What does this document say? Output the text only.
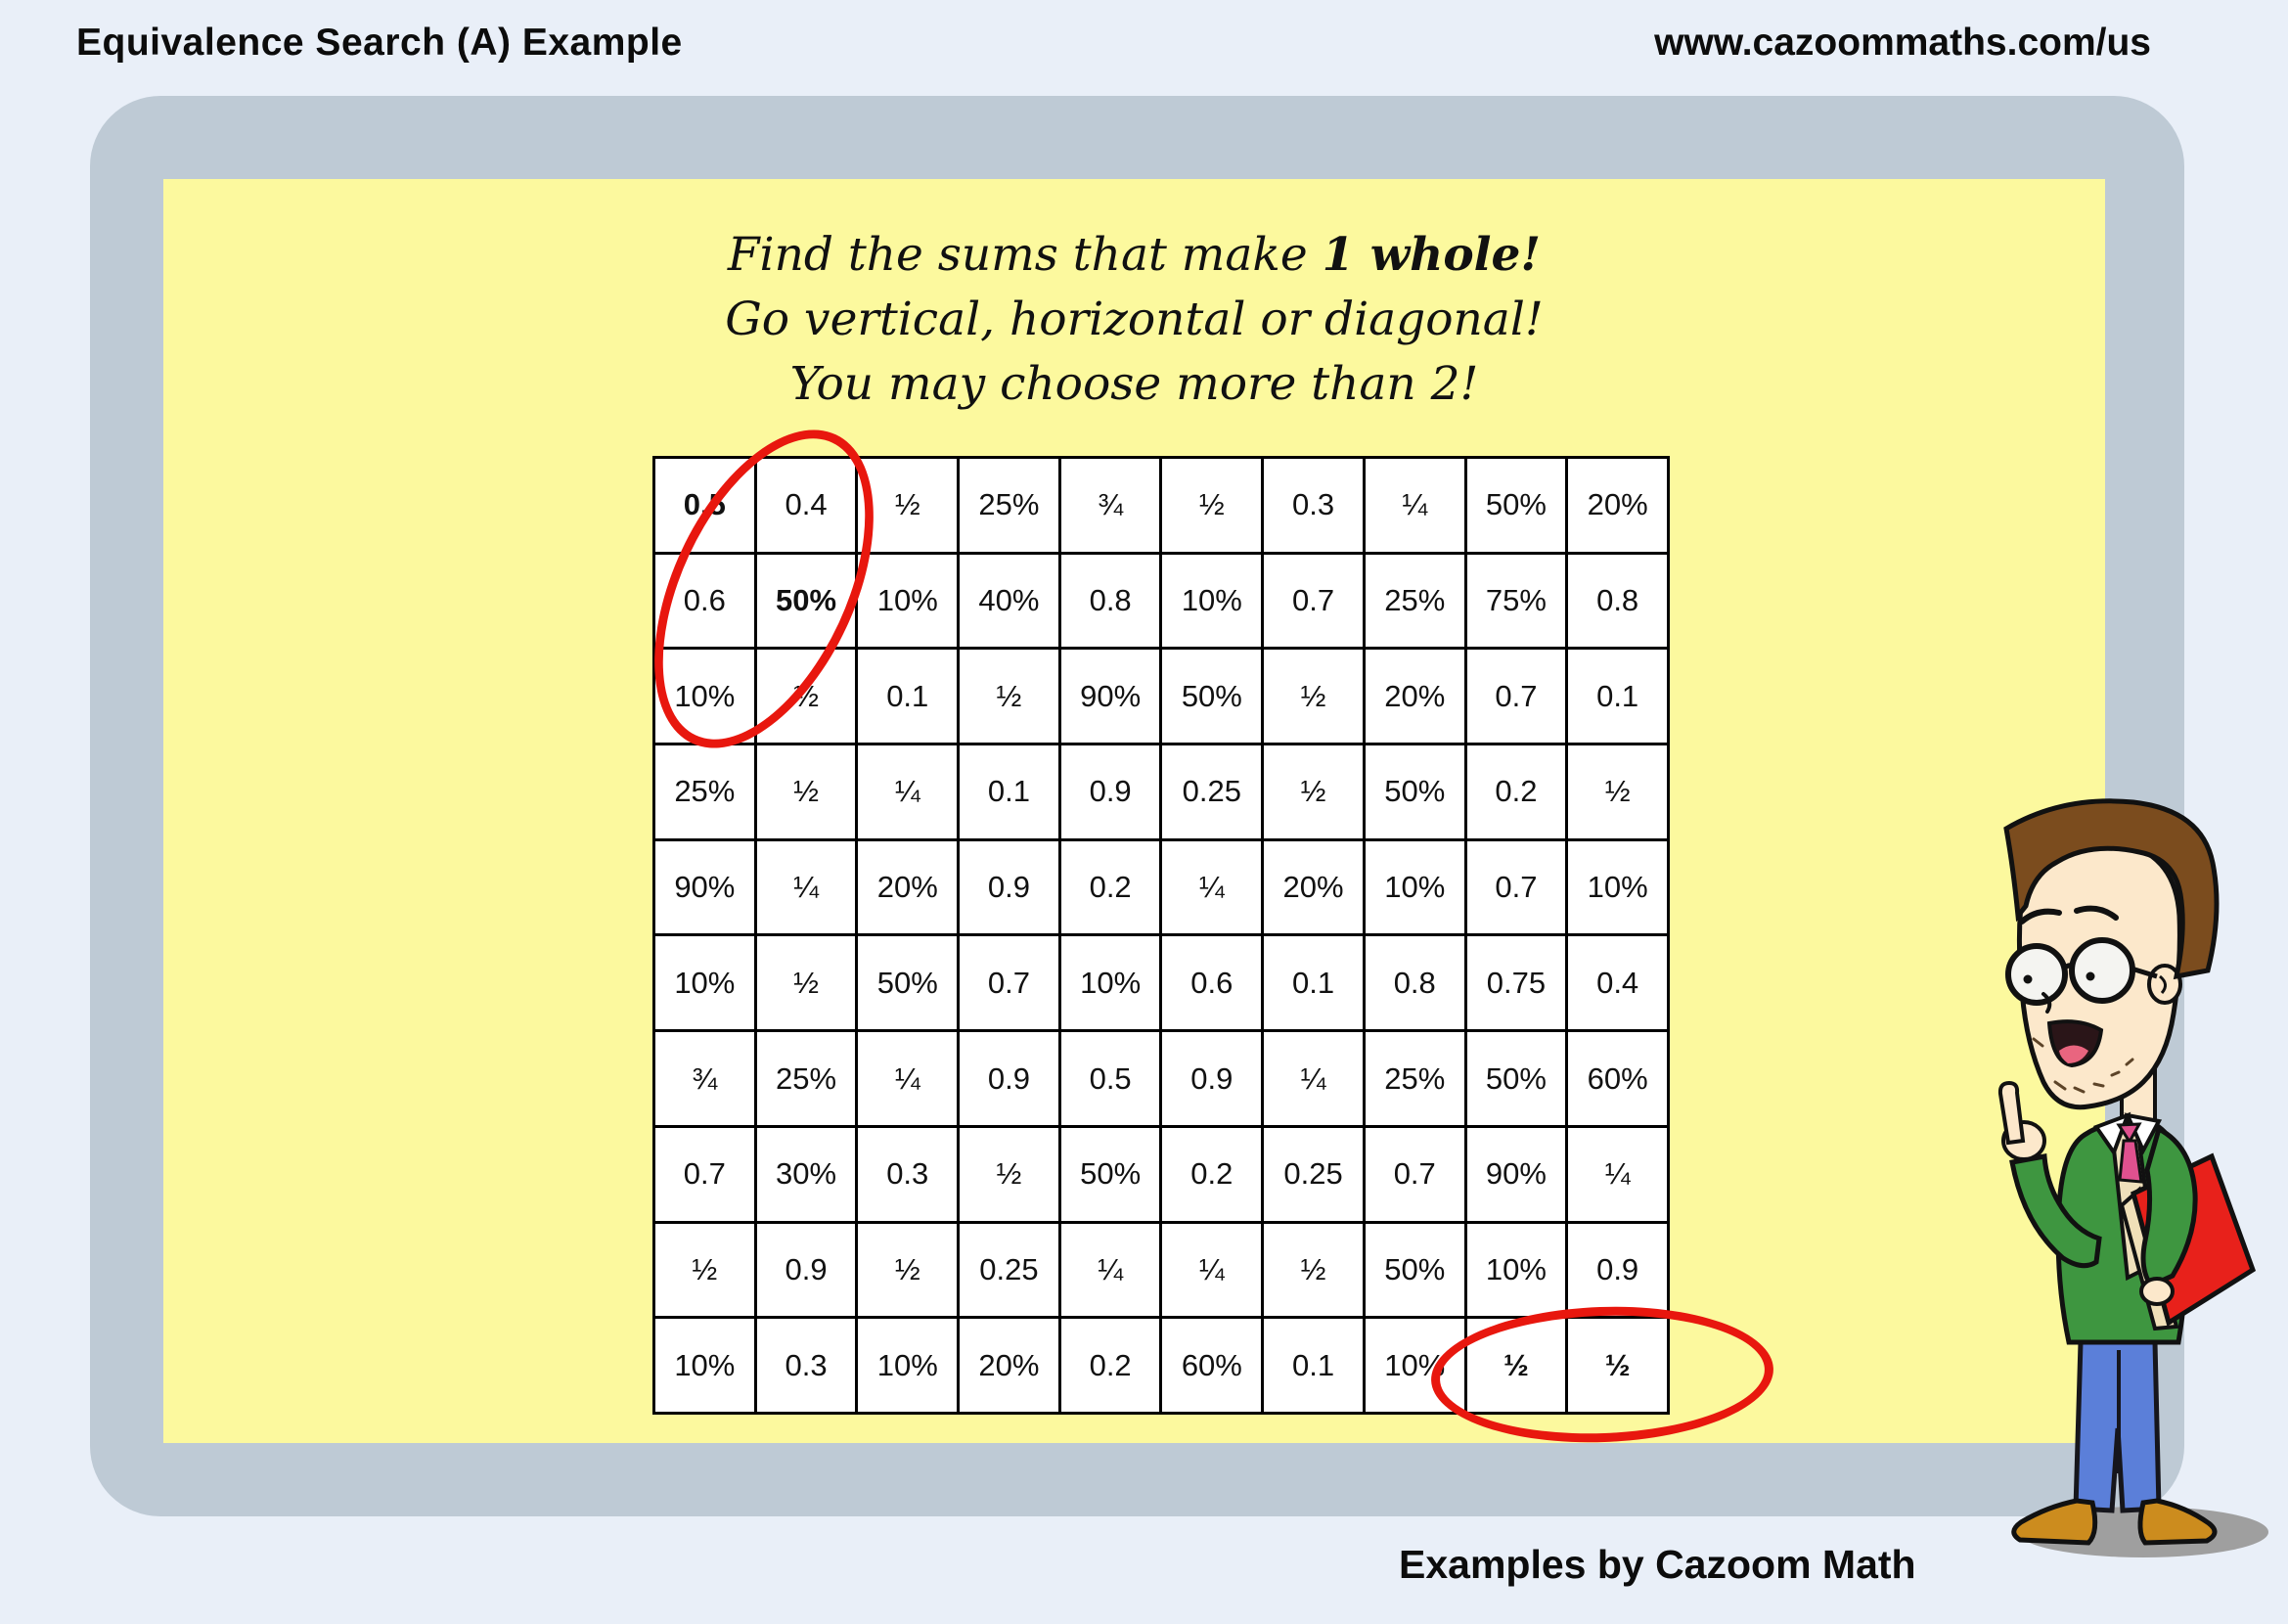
Equivalence Search (A) Example	www.cazoommaths.com/us
Find the sums that make 1 whole!
Go vertical, horizontal or diagonal!
You may choose more than 2!
0.5	0.4	½	25%	¾	½	0.3	¼	50%	20%
0.6	50%	10%	40%	0.8	10%	0.7	25%	75%	0.8
10%	½	0.1	½	90%	50%	½	20%	0.7	0.1
25%	½	¼	0.1	0.9	0.25	½	50%	0.2	½
90%	¼	20%	0.9	0.2	¼	20%	10%	0.7	10%
10%	½	50%	0.7	10%	0.6	0.1	0.8	0.75	0.4
¾	25%	¼	0.9	0.5	0.9	¼	25%	50%	60%
0.7	30%	0.3	½	50%	0.2	0.25	0.7	90%	¼
½	0.9	½	0.25	¼	¼	½	50%	10%	0.9
10%	0.3	10%	20%	0.2	60%	0.1	10%	½	½
Examples by Cazoom Math
